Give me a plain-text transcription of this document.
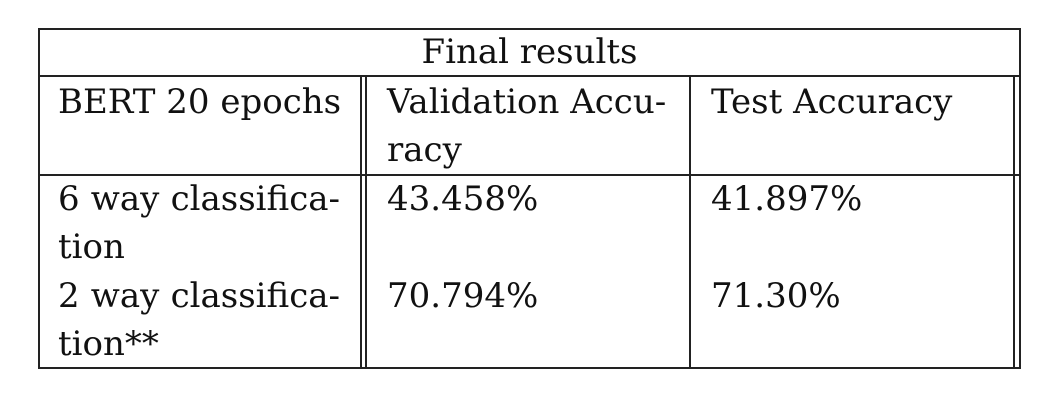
Final results
BERT 20 epochs Validation Accu-
racy
Test Accuracy
6 way classifica-
tion
43.458%	41.897%
2 way classifica-
tion**
70.794%	71.30%
